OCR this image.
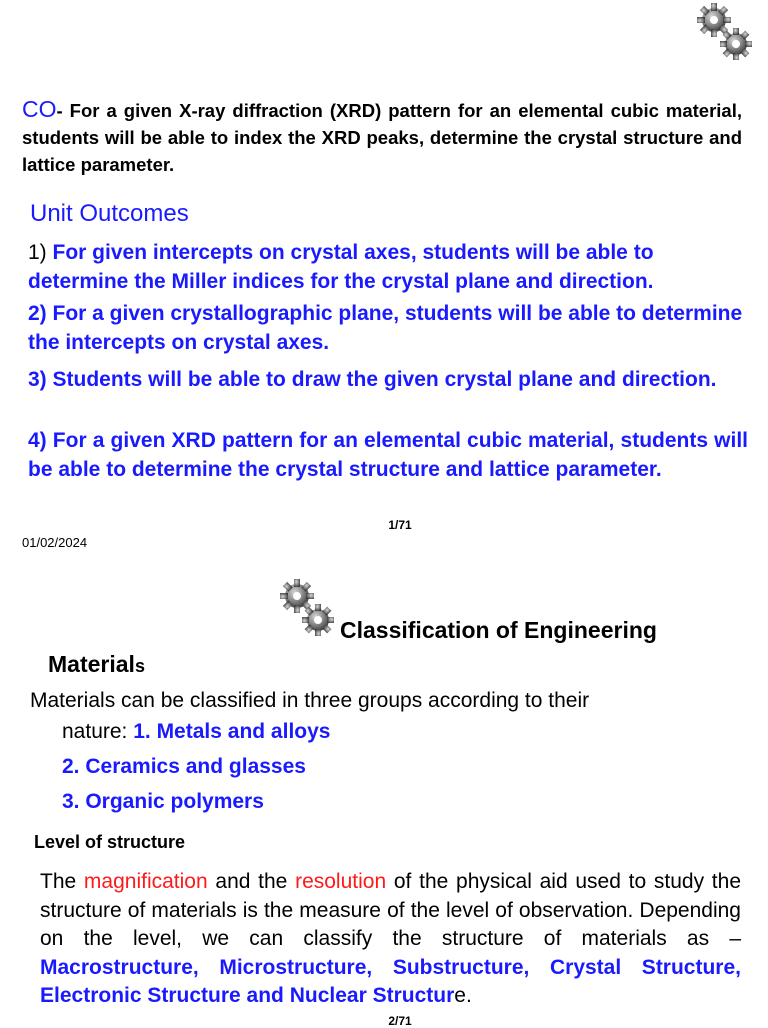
CO- For a given X-ray diffraction (XRD) pattern for an elemental cubic material, students will be able to index the XRD peaks, determine the crystal structure and lattice parameter.
Unit Outcomes
1) For given intercepts on crystal axes, students will be able to determine the Miller indices for the crystal plane and direction.
2) For a given crystallographic plane, students will be able to determine the intercepts on crystal axes.
3) Students will be able to draw the given crystal plane and direction.
4) For a given XRD pattern for an elemental cubic material, students will be able to determine the crystal structure and lattice parameter.
1/71
01/02/2024
Classification of Engineering
Materials
Materials can be classified in three groups according to their
nature: 1. Metals and alloys
2. Ceramics and glasses
3. Organic polymers
Level of structure
The magnification and the resolution of the physical aid used to study the structure of materials is the measure of the level of observation. Depending on the level, we can classify the structure of materials as – Macrostructure, Microstructure, Substructure, Crystal Structure, Electronic Structure and Nuclear Structure.
2/71
